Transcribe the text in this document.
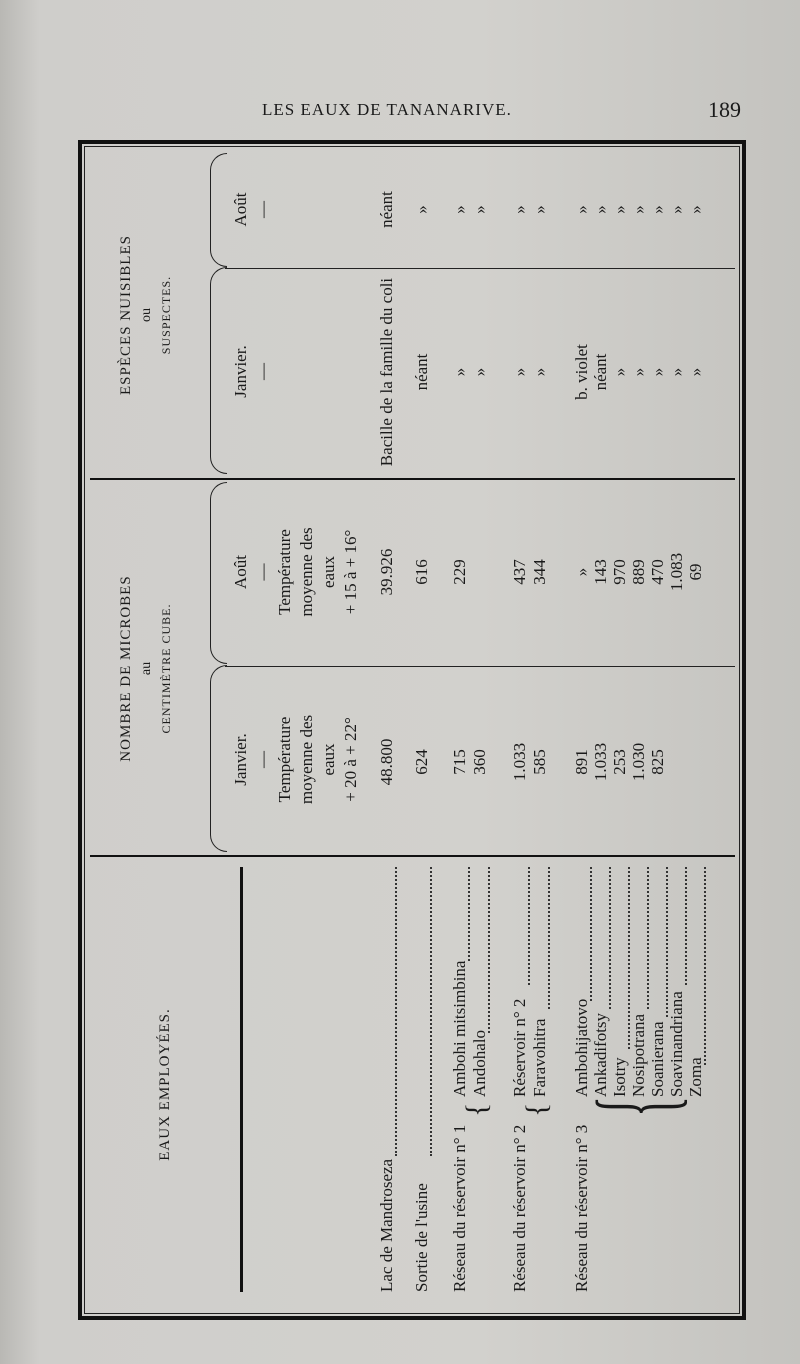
LES EAUX DE TANANARIVE.	189
EAUX EMPLOYÉES.
NOMBRE DE MICROBES au CENTIMÈTRE CUBE.
ESPÈCES NUISIBLES ou SUSPECTES.
Janvier. — Température moyenne des eaux + 20 à + 22°
Août — Température moyenne des eaux + 15 à + 16°
Janvier. —
Août —
Lac de Mandroseza
48.800
39.926
Bacille de la famille du coli
néant
Sortie de l'usine
624
616
néant
»
Réseau du réservoir n° 1
Ambohi mitsimbina
715
229
»
»
Andohalo
360
»
»
Réseau du réservoir n° 2
Réservoir n° 2
1.033
437
»
»
Faravohitra
585
344
»
»
Réseau du réservoir n° 3
Ambohijatovo
891
»
b. violet
»
Ankadifotsy
1.033
143
néant
»
Isotry
253
970
»
»
Nosipotrana
1.030
889
»
»
Soanierana
825
470
»
»
Soavinandriana
1.083
»
»
Zoma
69
»
»
{ { {
